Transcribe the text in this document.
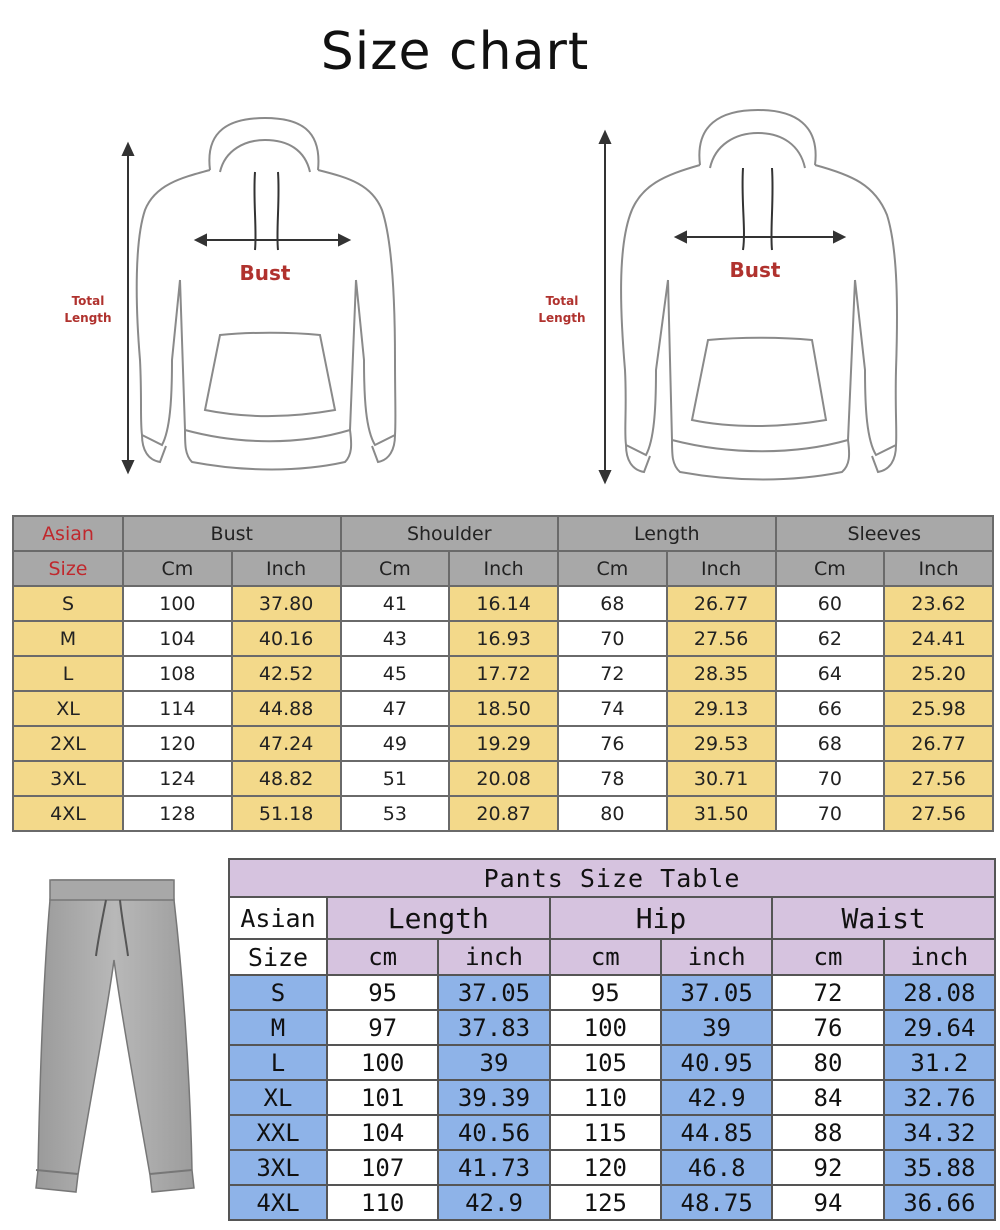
Size chart
Bust
Total
Length
Bust
Total
Length
Asian	Bust		Shoulder		Length		Sleeves	
Size	Cm	Inch	Cm	Inch	Cm	Inch	Cm	Inch
S	100	37.80	41	16.14	68	26.77	60	23.62
M	104	40.16	43	16.93	70	27.56	62	24.41
L	108	42.52	45	17.72	72	28.35	64	25.20
XL	114	44.88	47	18.50	74	29.13	66	25.98
2XL	120	47.24	49	19.29	76	29.53	68	26.77
3XL	124	48.82	51	20.08	78	30.71	70	27.56
4XL	128	51.18	53	20.87	80	31.50	70	27.56
Pants Size Table						
Asian	Length		Hip		Waist	
Size	cm	inch	cm	inch	cm	inch
S	95	37.05	95	37.05	72	28.08
M	97	37.83	100	39	76	29.64
L	100	39	105	40.95	80	31.2
XL	101	39.39	110	42.9	84	32.76
XXL	104	40.56	115	44.85	88	34.32
3XL	107	41.73	120	46.8	92	35.88
4XL	110	42.9	125	48.75	94	36.66
